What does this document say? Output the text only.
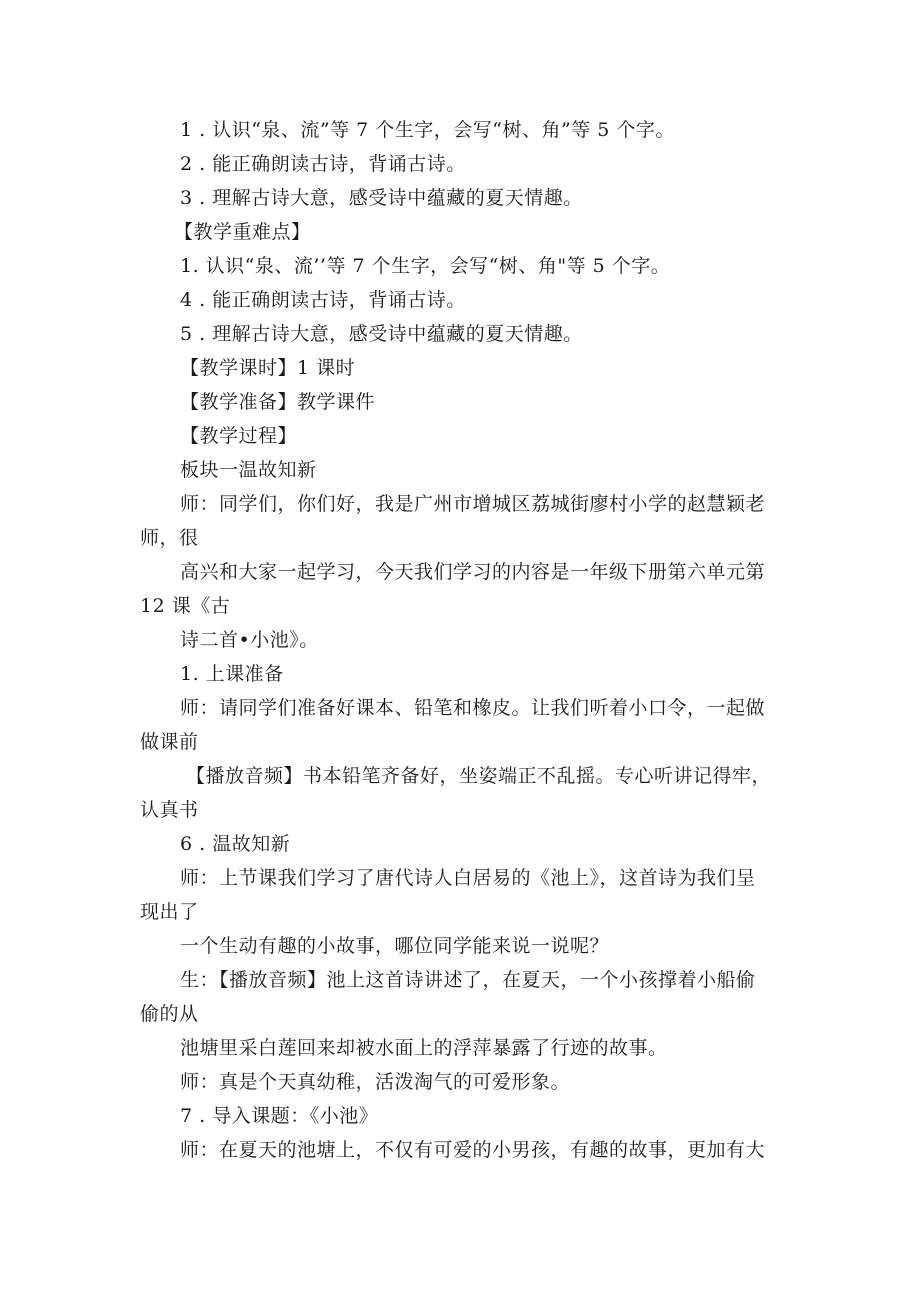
1 . 认识“泉、流”等 7 个生字，会写“树、角”等 5 个字。
2 . 能正确朗读古诗，背诵古诗。
3 . 理解古诗大意，感受诗中蕴藏的夏天情趣。
【教学重难点】
1. 认识“泉、流’’等 7 个生字，会写“树、角"等 5 个字。
4 . 能正确朗读古诗，背诵古诗。
5 . 理解古诗大意，感受诗中蕴藏的夏天情趣。
【教学课时】1 课时
【教学准备】教学课件
【教学过程】
板块一温故知新
师：同学们，你们好，我是广州市增城区荔城街廖村小学的赵慧颖老
师，很
高兴和大家一起学习，今天我们学习的内容是一年级下册第六单元第
12 课《古
诗二首•小池》。
1. 上课准备
师：请同学们准备好课本、铅笔和橡皮。让我们听着小口令，一起做
做课前
【播放音频】书本铅笔齐备好，坐姿端正不乱摇。专心听讲记得牢，
认真书
6 . 温故知新
师：上节课我们学习了唐代诗人白居易的《池上》，这首诗为我们呈
现出了
一个生动有趣的小故事，哪位同学能来说一说呢？
生：【播放音频】池上这首诗讲述了，在夏天，一个小孩撑着小船偷
偷的从
池塘里采白莲回来却被水面上的浮萍暴露了行迹的故事。
师：真是个天真幼稚，活泼淘气的可爱形象。
7 . 导入课题：《小池》
师：在夏天的池塘上，不仅有可爱的小男孩，有趣的故事，更加有大
